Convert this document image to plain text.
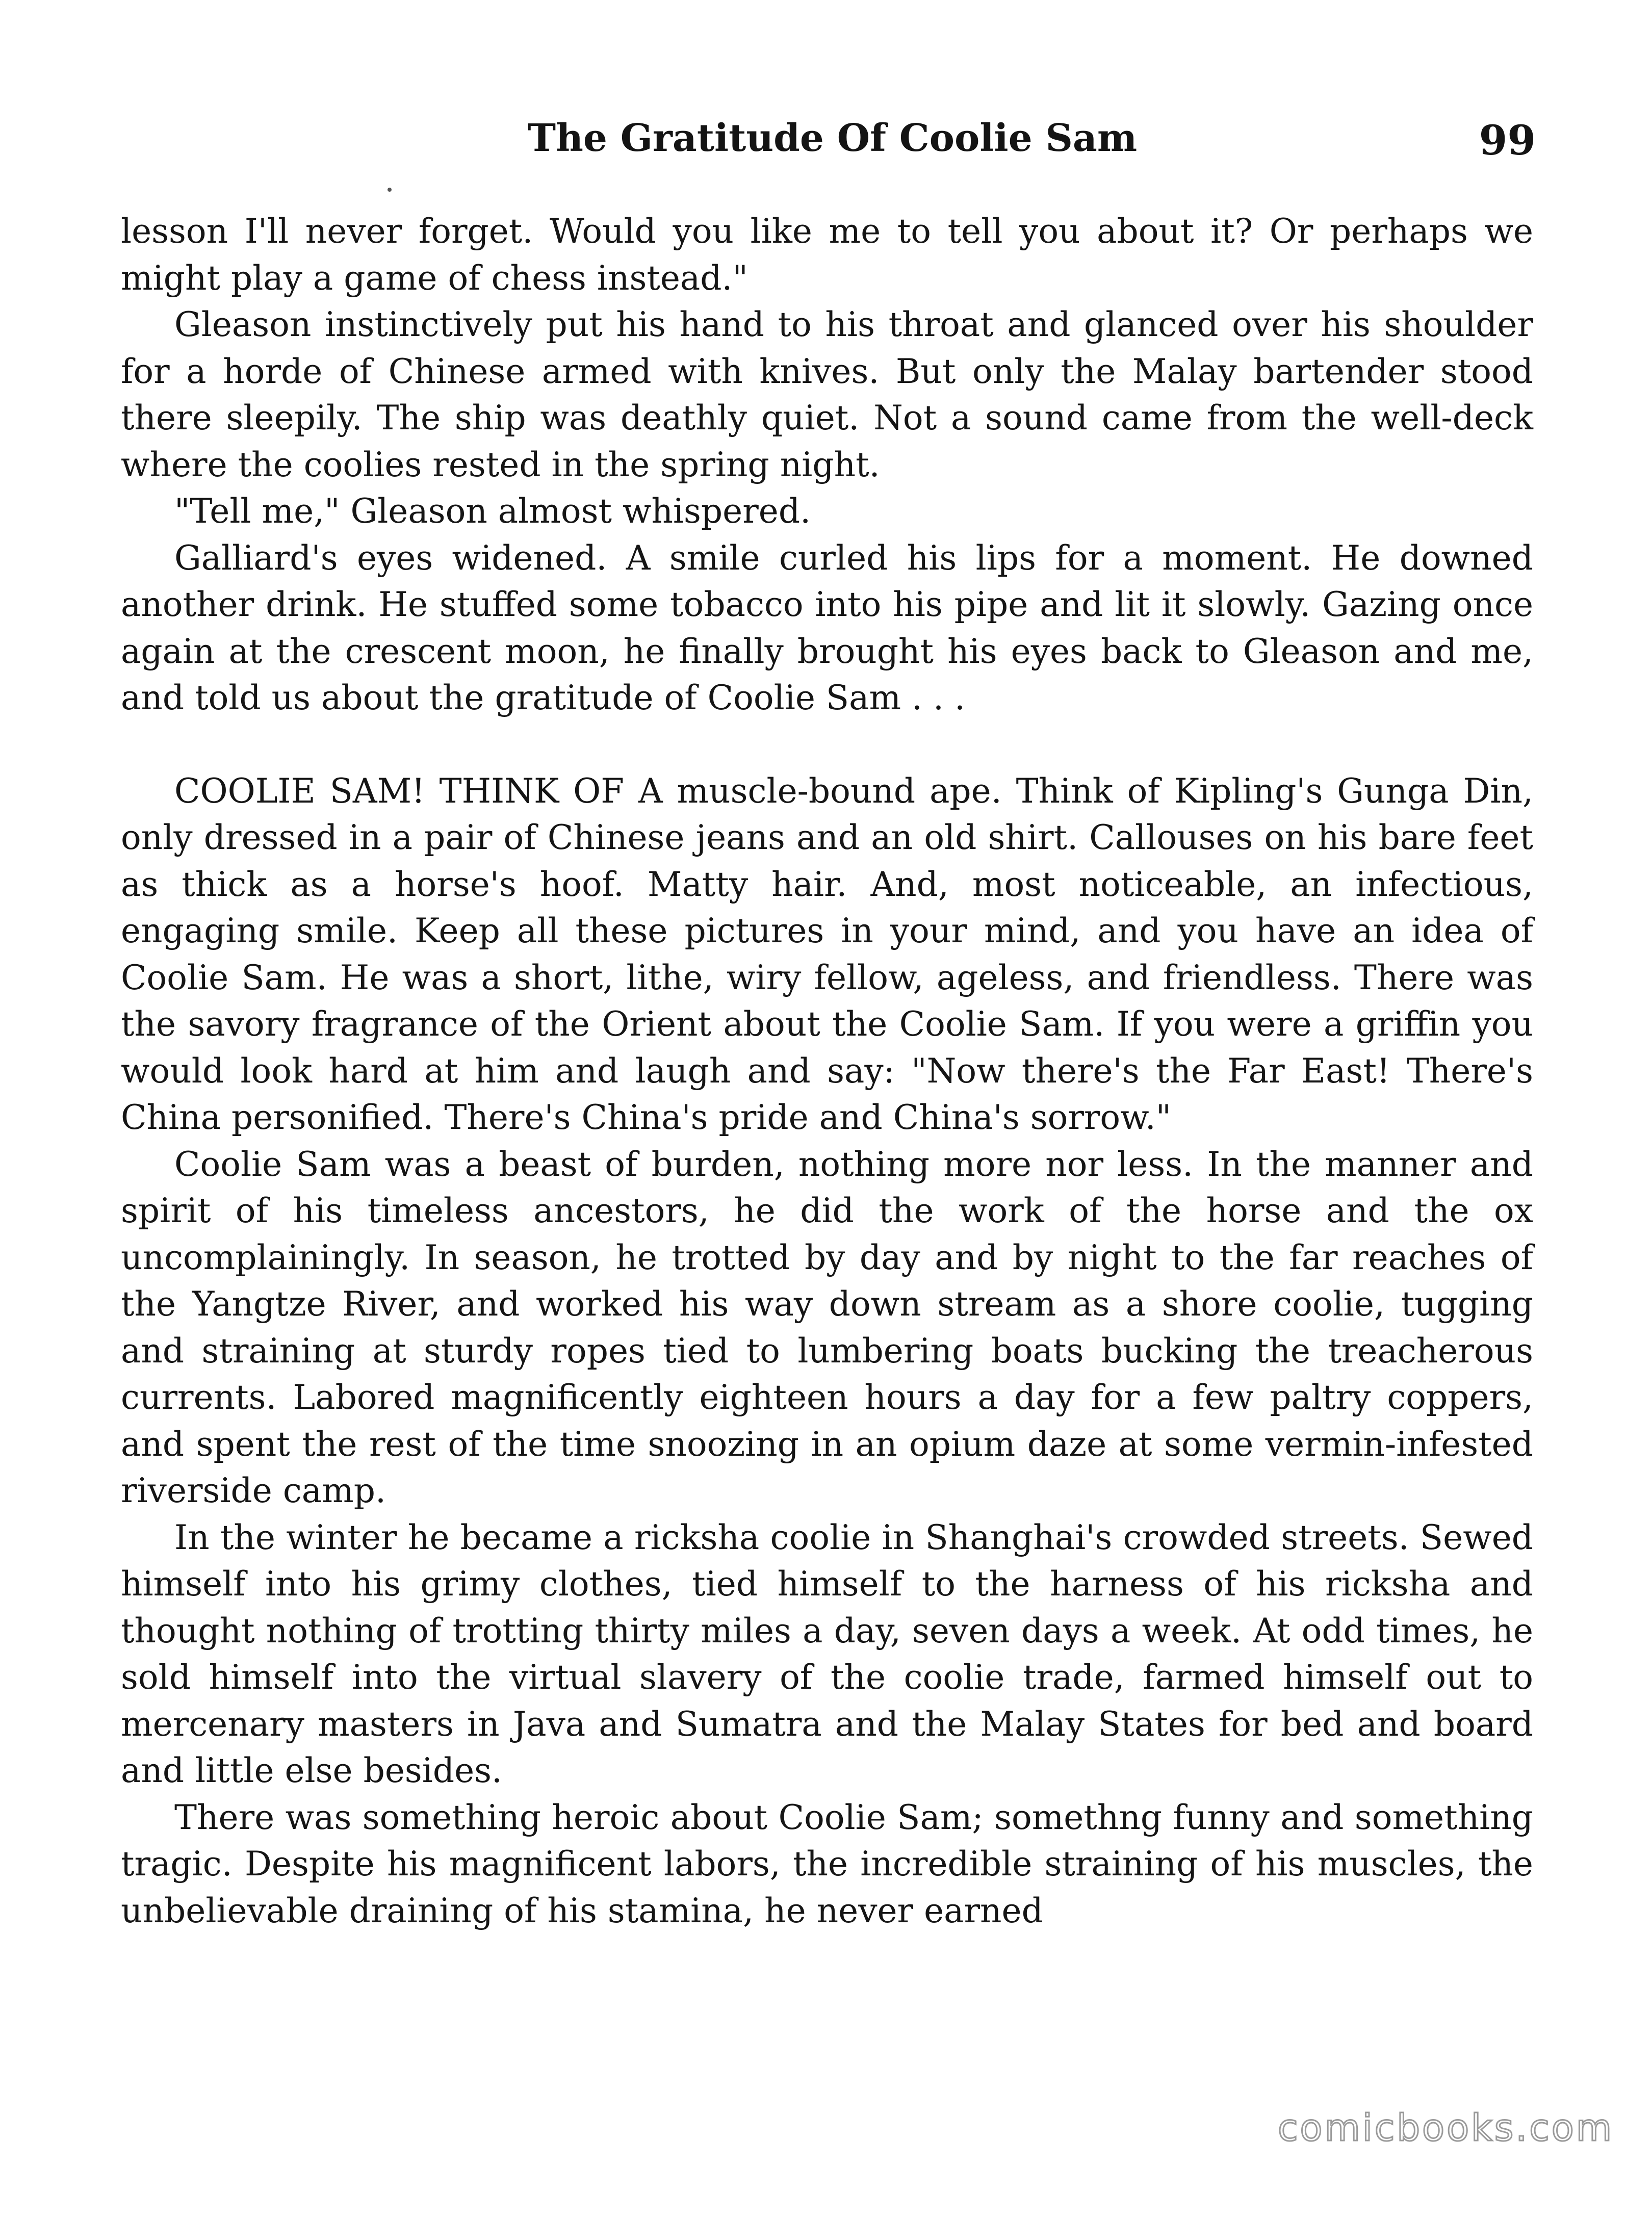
The Gratitude Of Coolie Sam	99

lesson I'll never forget. Would you like me to tell you about it? Or perhaps we might play a game of chess instead."

Gleason instinctively put his hand to his throat and glanced over his shoulder for a horde of Chinese armed with knives. But only the Malay bartender stood there sleepily. The ship was deathly quiet. Not a sound came from the well-deck where the coolies rested in the spring night.

"Tell me," Gleason almost whispered.

Galliard's eyes widened. A smile curled his lips for a moment. He downed another drink. He stuffed some tobacco into his pipe and lit it slowly. Gazing once again at the crescent moon, he finally brought his eyes back to Gleason and me, and told us about the gratitude of Coolie Sam . . .

COOLIE SAM! THINK OF A muscle-bound ape. Think of Kipling's Gunga Din, only dressed in a pair of Chinese jeans and an old shirt. Callouses on his bare feet as thick as a horse's hoof. Matty hair. And, most noticeable, an infectious, engaging smile. Keep all these pictures in your mind, and you have an idea of Coolie Sam. He was a short, lithe, wiry fellow, ageless, and friendless. There was the savory fragrance of the Orient about the Coolie Sam. If you were a griffin you would look hard at him and laugh and say: "Now there's the Far East! There's China personified. There's China's pride and China's sorrow."

Coolie Sam was a beast of burden, nothing more nor less. In the manner and spirit of his timeless ancestors, he did the work of the horse and the ox uncomplainingly. In season, he trotted by day and by night to the far reaches of the Yangtze River, and worked his way down stream as a shore coolie, tugging and straining at sturdy ropes tied to lumbering boats bucking the treacherous currents. Labored magnificently eighteen hours a day for a few paltry coppers, and spent the rest of the time snoozing in an opium daze at some vermin-infested riverside camp.

In the winter he became a ricksha coolie in Shanghai's crowded streets. Sewed himself into his grimy clothes, tied himself to the harness of his ricksha and thought nothing of trotting thirty miles a day, seven days a week. At odd times, he sold himself into the virtual slavery of the coolie trade, farmed himself out to mercenary masters in Java and Sumatra and the Malay States for bed and board and little else besides.

There was something heroic about Coolie Sam; somethng funny and something tragic. Despite his magnificent labors, the incredible straining of his muscles, the unbelievable draining of his stamina, he never earned

comicbooks.com
